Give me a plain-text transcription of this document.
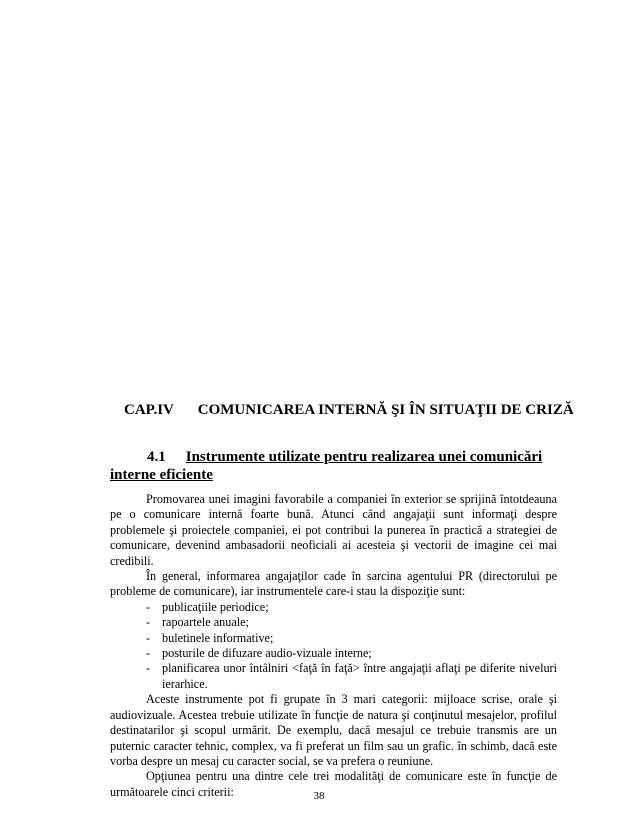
CAP.IV COMUNICAREA INTERNĂ ŞI ÎN SITUAŢII DE CRIZĂ
4.1 Instrumente utilizate pentru realizarea unei comunicări interne eficiente

Promovarea unei imagini favorabile a companiei în exterior se sprijină întotdeauna pe o comunicare internă foarte bună. Atunci când angajaţii sunt informaţi despre problemele şi proiectele companiei, ei pot contribui la punerea în practică a strategiei de comunicare, devenind ambasadorii neoficiali ai acesteia şi vectorii de imagine cei mai credibili.

În general, informarea angajaţilor cade în sarcina agentului PR (directorului pe probleme de comunicare), iar instrumentele care-i stau la dispoziţie sunt:

- publicaţiile periodice;
- rapoartele anuale;
- buletinele informative;
- posturile de difuzare audio-vizuale interne;
- planificarea unor întâlniri <faţă în faţă> între angajaţii aflaţi pe diferite niveluri ierarhice.

Aceste instrumente pot fi grupate în 3 mari categorii: mijloace scrise, orale şi audiovizuale. Acestea trebuie utilizate în funcţie de natura şi conţinutul mesajelor, profilul destinatarilor şi scopul urmărit. De exemplu, dacă mesajul ce trebuie transmis are un puternic caracter tehnic, complex, va fi preferat un film sau un grafic. în schimb, dacă este vorba despre un mesaj cu caracter social, se va prefera o reuniune.

Opţiunea pentru una dintre cele trei modalităţi de comunicare este în funcţie de următoarele cinci criterii:	38
